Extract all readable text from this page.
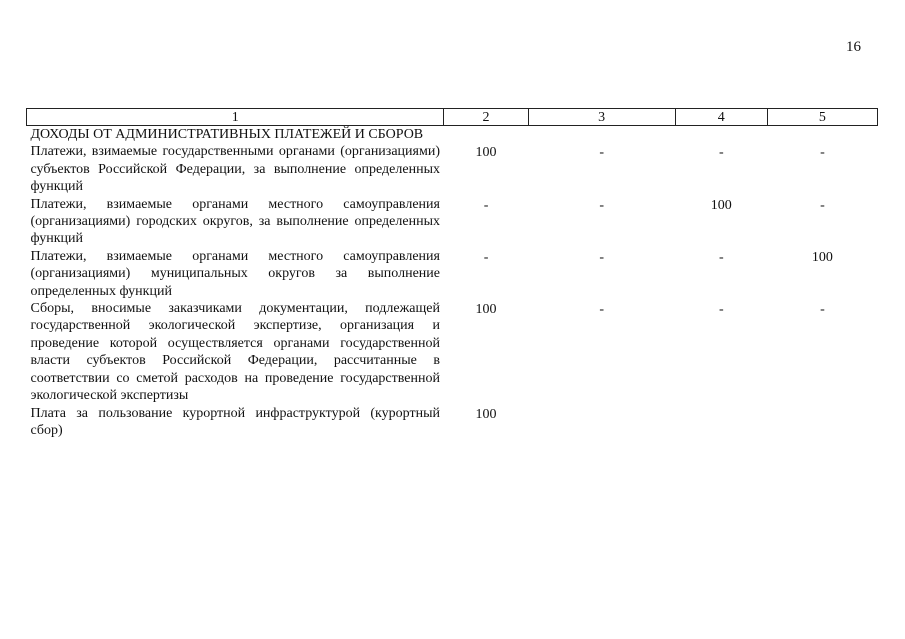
16
1	2	3	4	5
ДОХОДЫ ОТ АДМИНИСТРАТИВНЫХ ПЛАТЕЖЕЙ И СБОРОВ				
Платежи, взимаемые государственными органами (организациями) субъектов Российской Федерации, за выполнение определенных функций	100	-	-	-
Платежи, взимаемые органами местного самоуправления (организациями) городских округов, за выполнение определенных функций	-	-	100	-
Платежи, взимаемые органами местного самоуправления (организациями) муниципальных округов за выполнение определенных функций	-	-	-	100
Сборы, вносимые заказчиками документации, подлежащей государственной экологической экспертизе, организация и проведение которой осуществляется органами государственной власти субъектов Российской Федерации, рассчитанные в соответствии со сметой расходов на проведение государственной экологической экспертизы	100	-	-	-
Плата за пользование курортной инфраструктурой (курортный сбор)	100			
